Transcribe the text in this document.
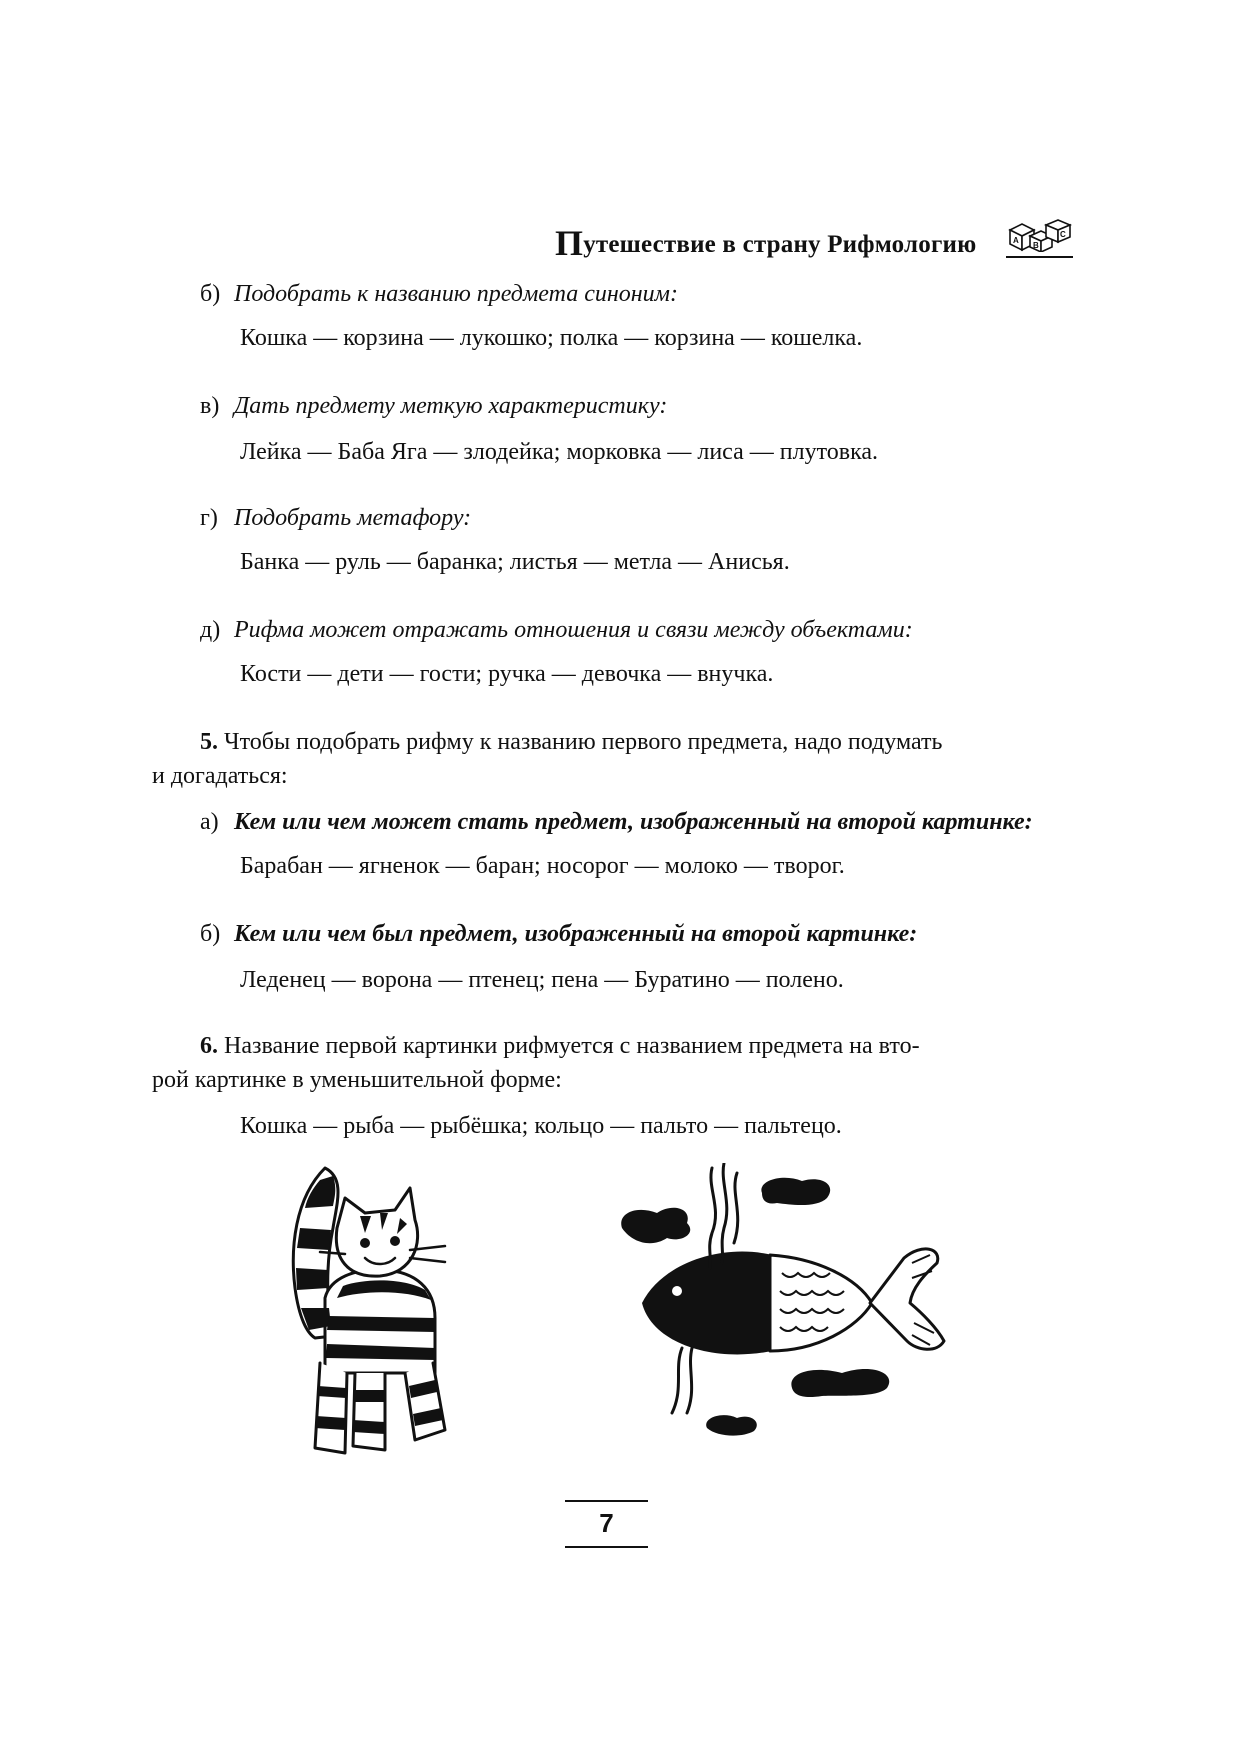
Путешествие в страну Рифмологию	A
B
C
б) Подобрать к названию предмета синоним:
Кошка — корзина — лукошко; полка — корзина — кошелка.
в) Дать предмету меткую характеристику:
Лейка — Баба Яга — злодейка; морковка — лиса — плутовка.
г) Подобрать метафору:
Банка — руль — баранка; листья — метла — Анисья.
д) Рифма может отражать отношения и связи между объектами:
Кости — дети — гости; ручка — девочка — внучка.
5. Чтобы подобрать рифму к названию первого предмета, надо подумать
и догадаться:
а) Кем или чем может стать предмет, изображенный на второй картинке:
Барабан — ягненок — баран; носорог — молоко — творог.
б) Кем или чем был предмет, изображенный на второй картинке:
Леденец — ворона — птенец; пена — Буратино — полено.
6. Название первой картинки рифмуется с названием предмета на вто-
рой картинке в уменьшительной форме:
Кошка — рыба — рыбёшка; кольцо — пальто — пальтецо.
7
